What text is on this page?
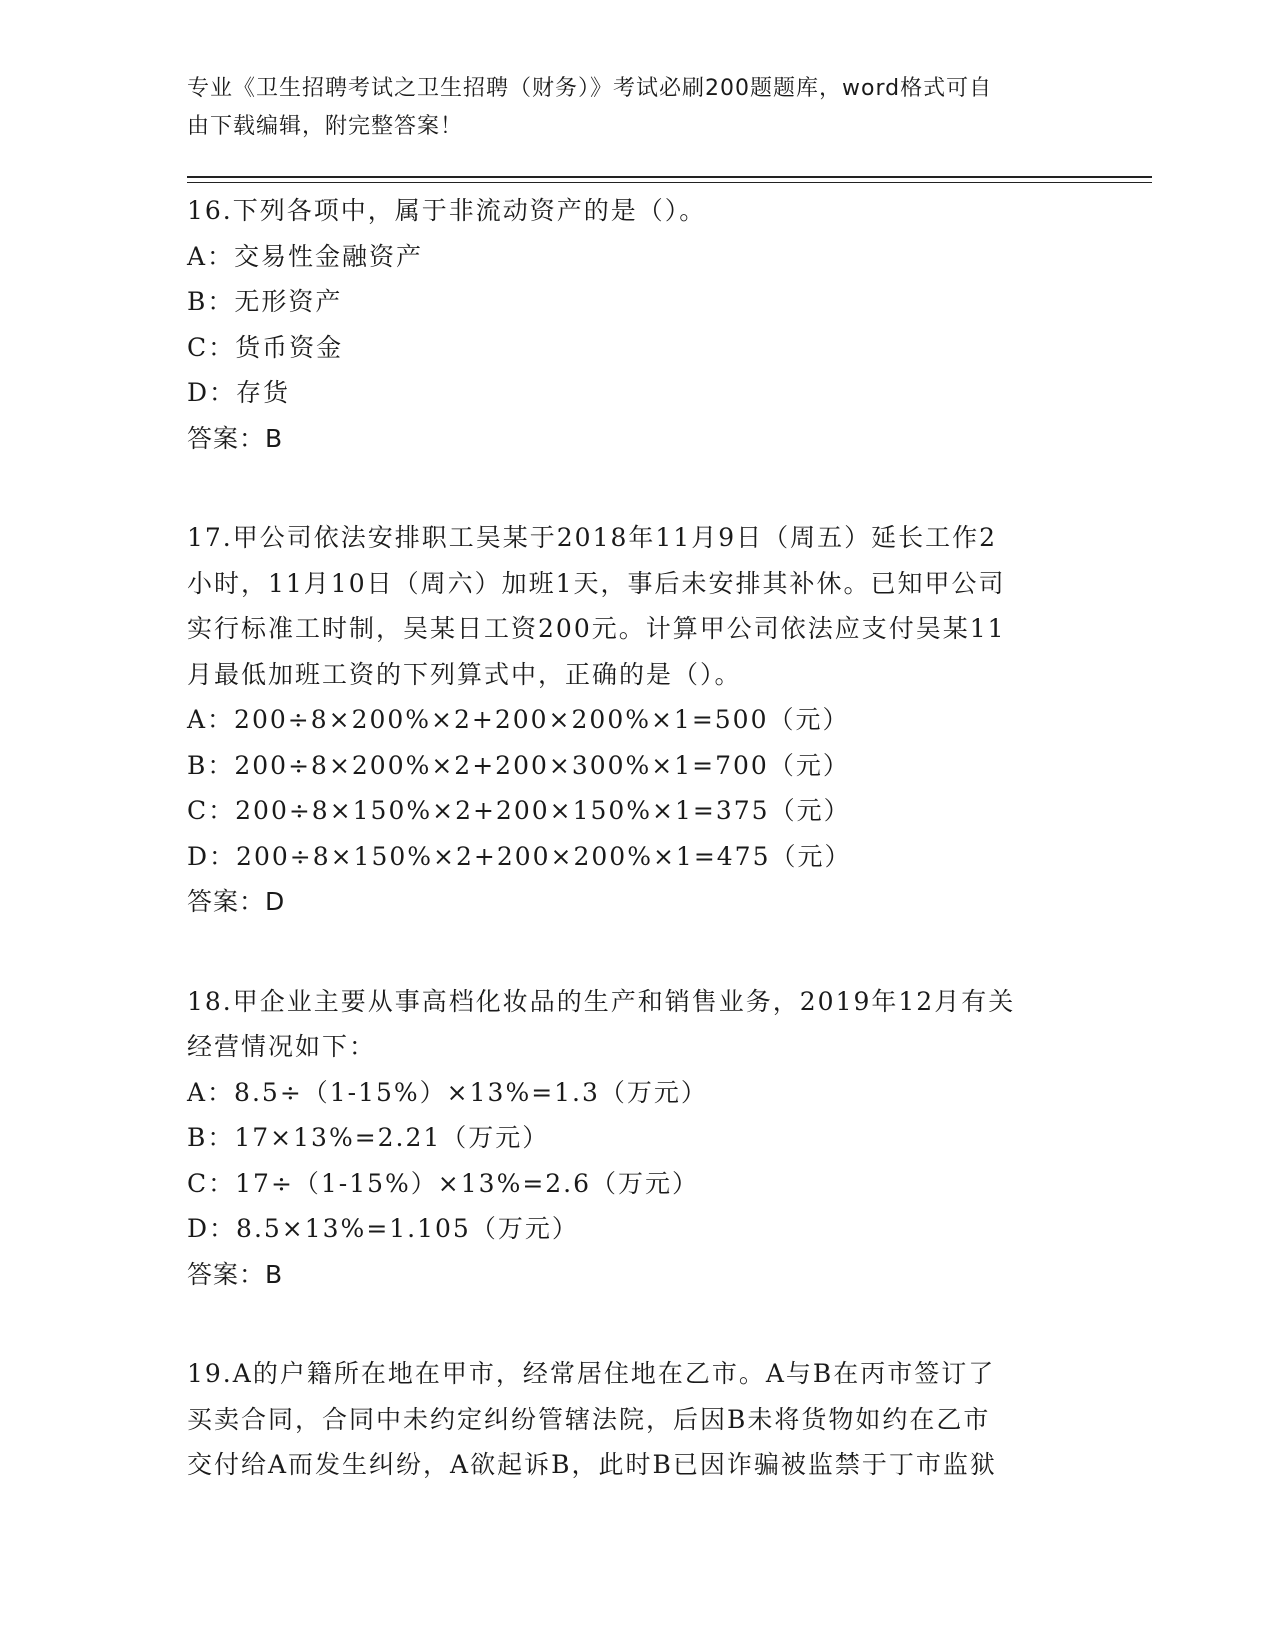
专业《卫生招聘考试之卫生招聘（财务）》考试必刷200题题库，word格式可自
由下载编辑，附完整答案！
16.下列各项中，属于非流动资产的是（）。
A：交易性金融资产
B：无形资产
C：货币资金
D：存货
答案：B
17.甲公司依法安排职工吴某于2018年11月9日（周五）延长工作2
小时，11月10日（周六）加班1天，事后未安排其补休。已知甲公司
实行标准工时制，吴某日工资200元。计算甲公司依法应支付吴某11
月最低加班工资的下列算式中，正确的是（）。
A：200÷8×200%×2+200×200%×1=500（元）
B：200÷8×200%×2+200×300%×1=700（元）
C：200÷8×150%×2+200×150%×1=375（元）
D：200÷8×150%×2+200×200%×1=475（元）
答案：D
18.甲企业主要从事高档化妆品的生产和销售业务，2019年12月有关
经营情况如下：
A：8.5÷（1-15%）×13%=1.3（万元）
B：17×13%=2.21（万元）
C：17÷（1-15%）×13%=2.6（万元）
D：8.5×13%=1.105（万元）
答案：B
19.A的户籍所在地在甲市，经常居住地在乙市。A与B在丙市签订了
买卖合同，合同中未约定纠纷管辖法院，后因B未将货物如约在乙市
交付给A而发生纠纷，A欲起诉B，此时B已因诈骗被监禁于丁市监狱
